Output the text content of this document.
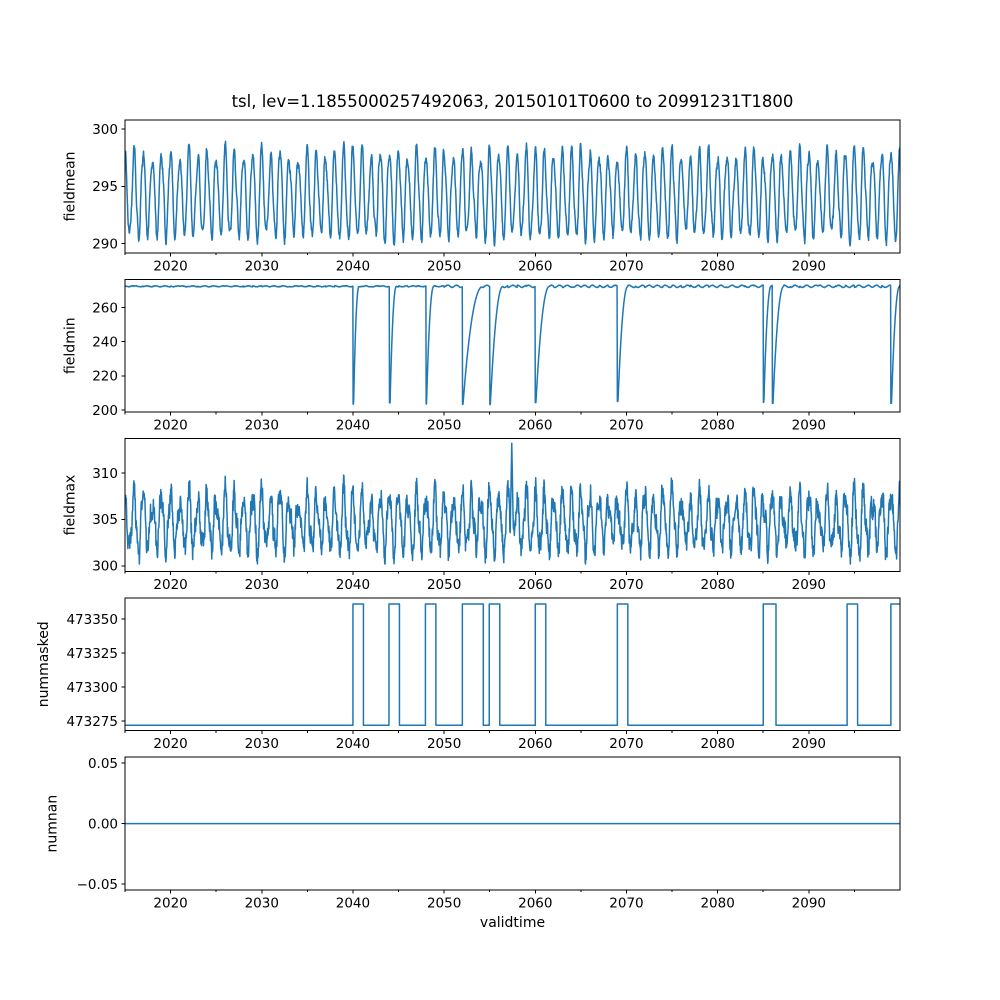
tsl, lev=1.1855000257492063, 20150101T0600 to 20991231T1800
validtime
2020	2030	2040	2050	2060	2070	2080	2090
290
295
300
fieldmean
2020	2030	2040	2050	2060	2070	2080	2090
200
220
240
260
fieldmin
2020	2030	2040	2050	2060	2070	2080	2090
300
305
310
fieldmax
2020	2030	2040	2050	2060	2070	2080	2090
473275
473300
473325
473350
nummasked
2020	2030	2040	2050	2060	2070	2080	2090
−0.05
0.00
0.05
numnan
